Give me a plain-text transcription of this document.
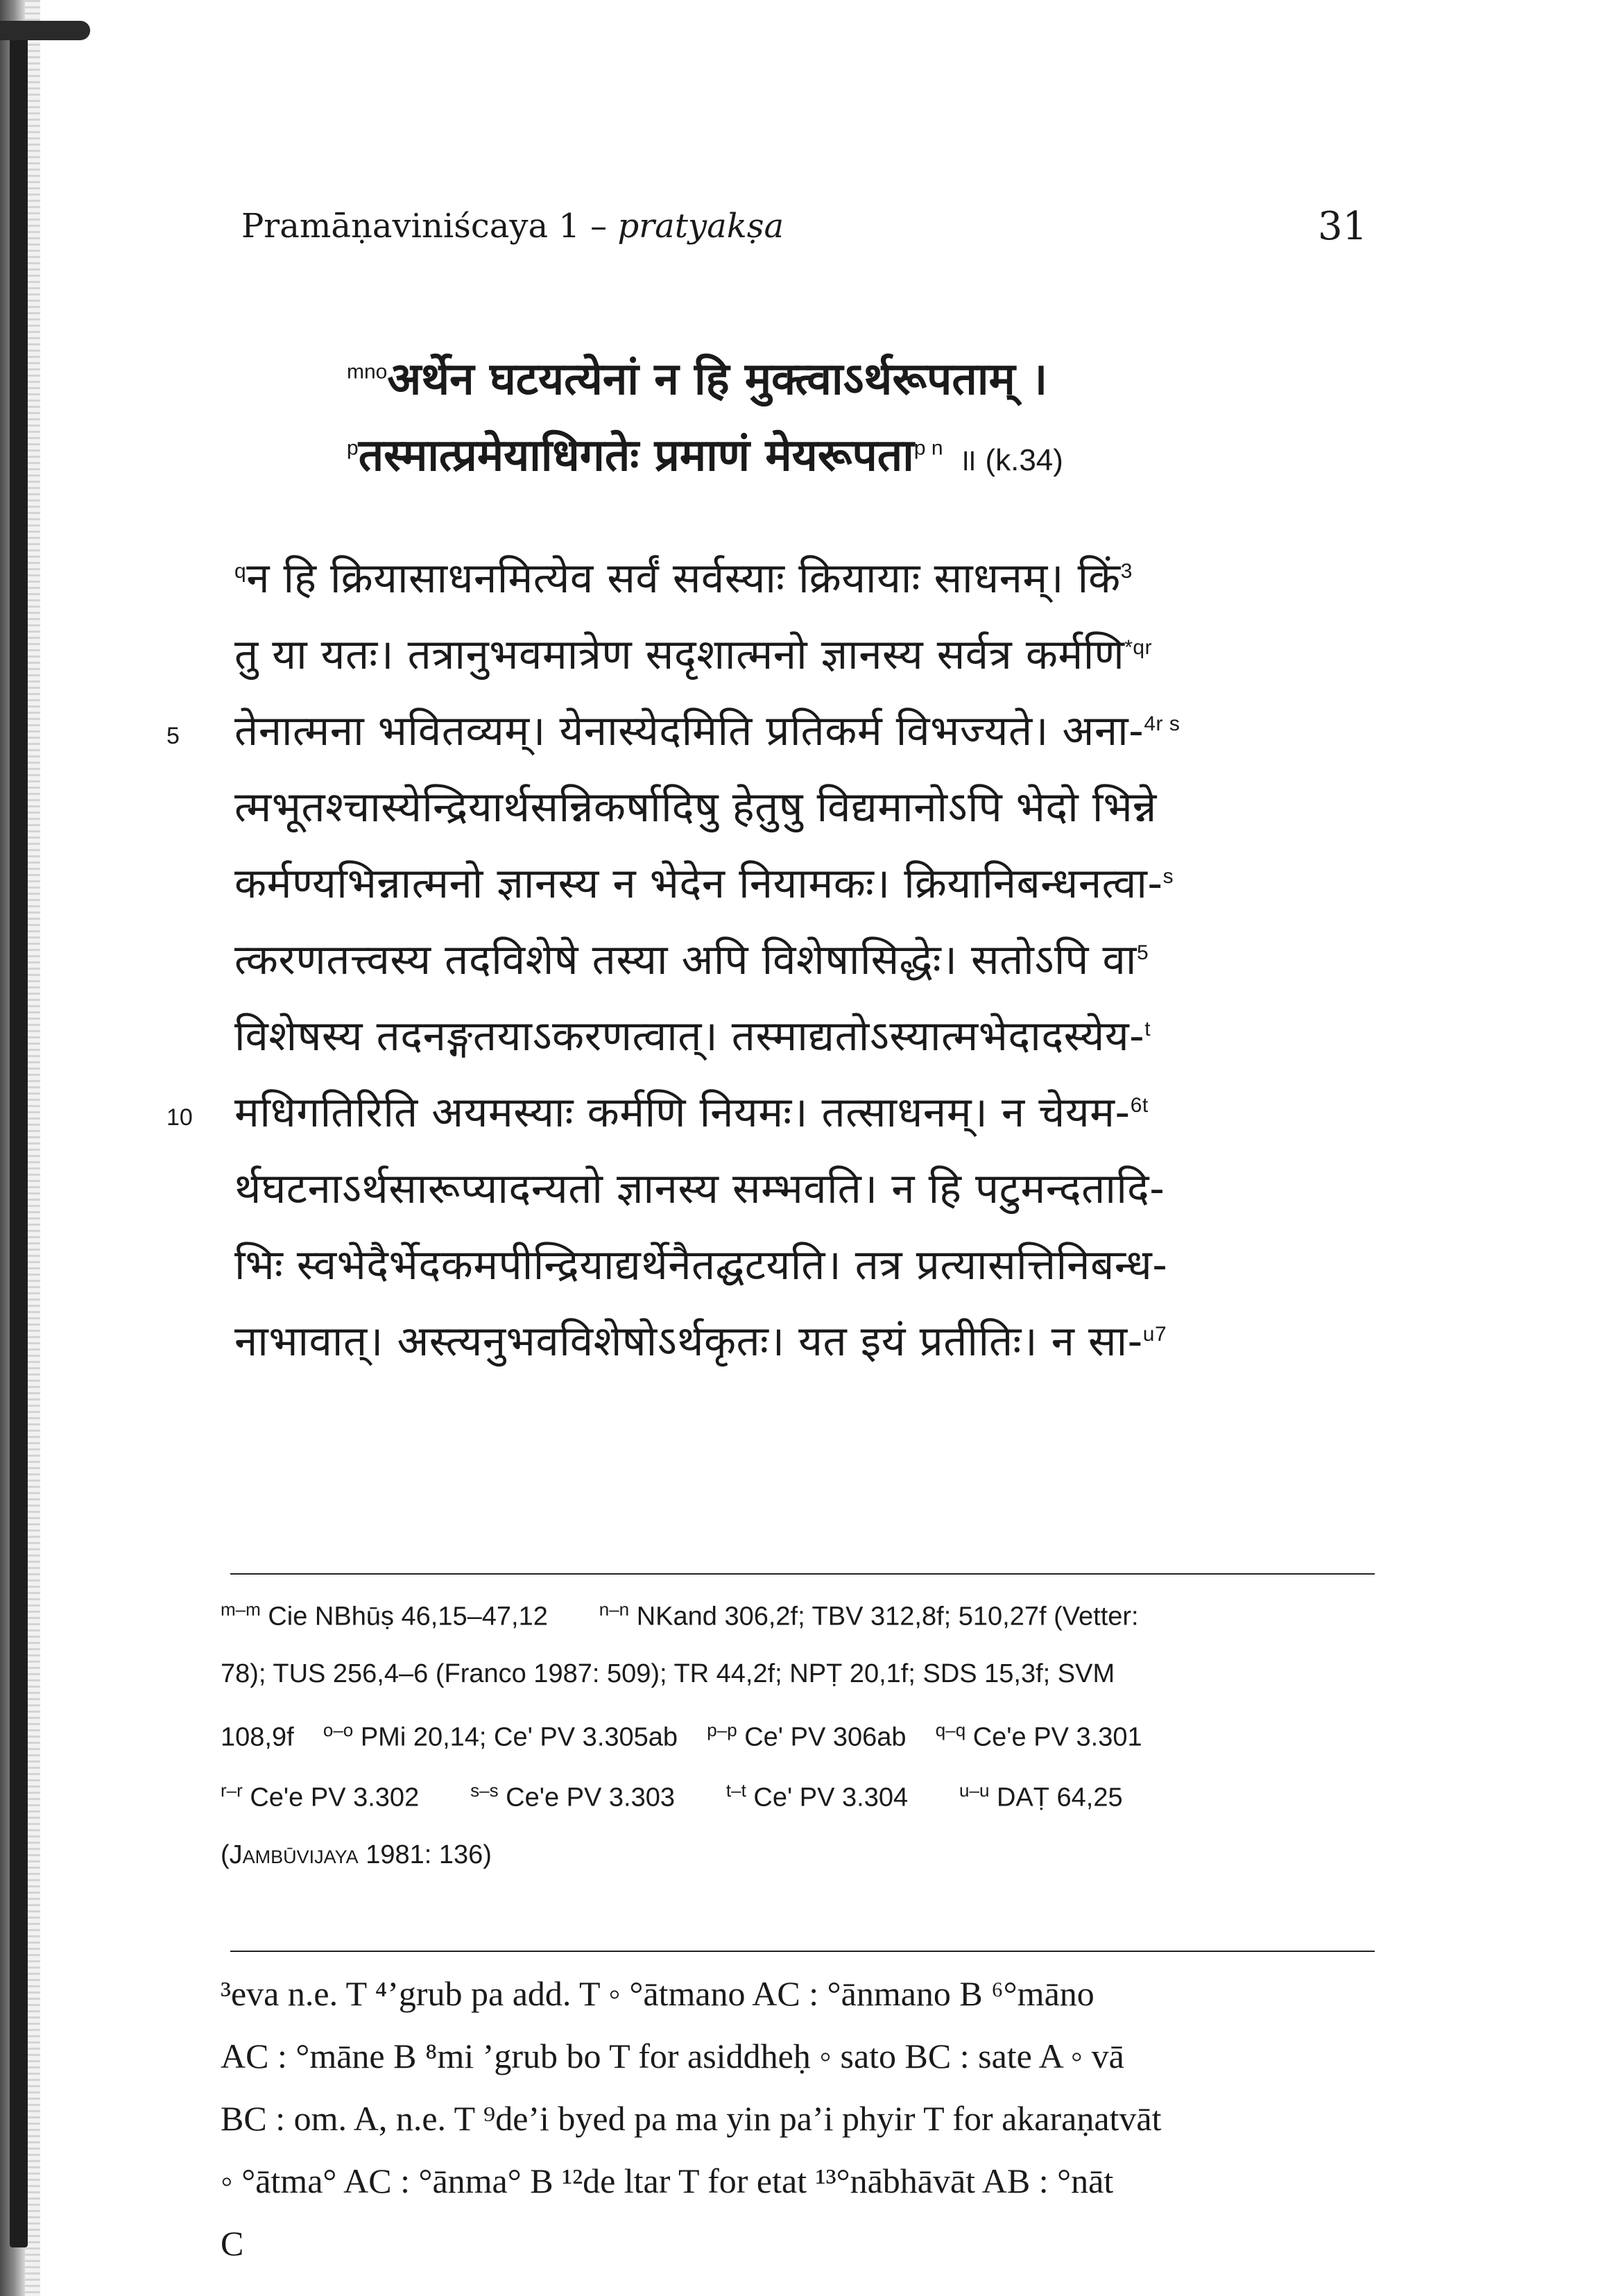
Pramāṇaviniścaya 1 – pratyakṣa	31
$^{mno}$अर्थेन घटयत्येनां न हि मुक्त्वाऽर्थरूपताम् ।
$^p$तस्मात्प्रमेयाधिगतेः प्रमाणं मेयरूपता$^{p n}$ ॥ (k.34)
$^q$न हि क्रियासाधनमित्येव सर्वं सर्वस्याः क्रियायाः साधनम्। किं$^3$
तु या यतः। तत्रानुभवमात्रेण सदृशात्मनो ज्ञानस्य सर्वत्र कर्मणि$^{*qr}$
5 तेनात्मना भवितव्यम्। येनास्येदमिति प्रतिकर्म विभज्यते। अना-$^{4r s}$
त्मभूतश्चास्येन्द्रियार्थसन्निकर्षादिषु हेतुषु विद्यमानोऽपि भेदो भिन्ने
कर्मण्यभिन्नात्मनो ज्ञानस्य न भेदेन नियामकः। क्रियानिबन्धनत्वा-$^s$
त्करणतत्त्वस्य तदविशेषे तस्या अपि विशेषासिद्धेः। सतोऽपि वा$^5$
विशेषस्य तदनङ्गतयाऽकरणत्वात्। तस्माद्यतोऽस्यात्मभेदादस्येय-$^t$
10 मधिगतिरिति अयमस्याः कर्मणि नियमः। तत्साधनम्। न चेयम-$^{6t}$
र्थघटनाऽर्थसारूप्यादन्यतो ज्ञानस्य सम्भवति। न हि पटुमन्दतादि-
भिः स्वभेदैर्भेदकमपीन्द्रियाद्यर्थेनैतद्घटयति। तत्र प्रत्यासत्तिनिबन्ध-
नाभावात्। अस्त्यनुभवविशेषोऽर्थकृतः। यत इयं प्रतीतिः। न सा-$^{u7}$
$^{m-m}$ Cie NBhūṣ 46,15–47,12	$^{n-n}$ NKand 306,2f; TBV 312,8f; 510,27f (Vetter:
78); TUS 256,4–6 (Franco 1987: 509); TR 44,2f; NPṬ 20,1f; SDS 15,3f; SVM
108,9f $^{o-o}$ PMi 20,14; Ce' PV 3.305ab $^{p-p}$ Ce' PV 306ab $^{q-q}$ Ce'e PV 3.301
$^{r-r}$ Ce'e PV 3.302	$^{s-s}$ Ce'e PV 3.303	$^{t-t}$ Ce' PV 3.304	$^{u-u}$ DAṬ 64,25
(Jambūvijaya 1981: 136)
³eva n.e. T ⁴’grub pa add. T ◦ °ātmano AC : °ānmano B ⁶°māno
AC : °māne B ⁸mi ’grub bo T for asiddheḥ ◦ sato BC : sate A ◦ vā
BC : om. A, n.e. T ⁹de’i byed pa ma yin pa’i phyir T for akaraṇatvāt
◦ °ātma° AC : °ānma° B ¹²de ltar T for etat ¹³°nābhāvāt AB : °nāt
C
